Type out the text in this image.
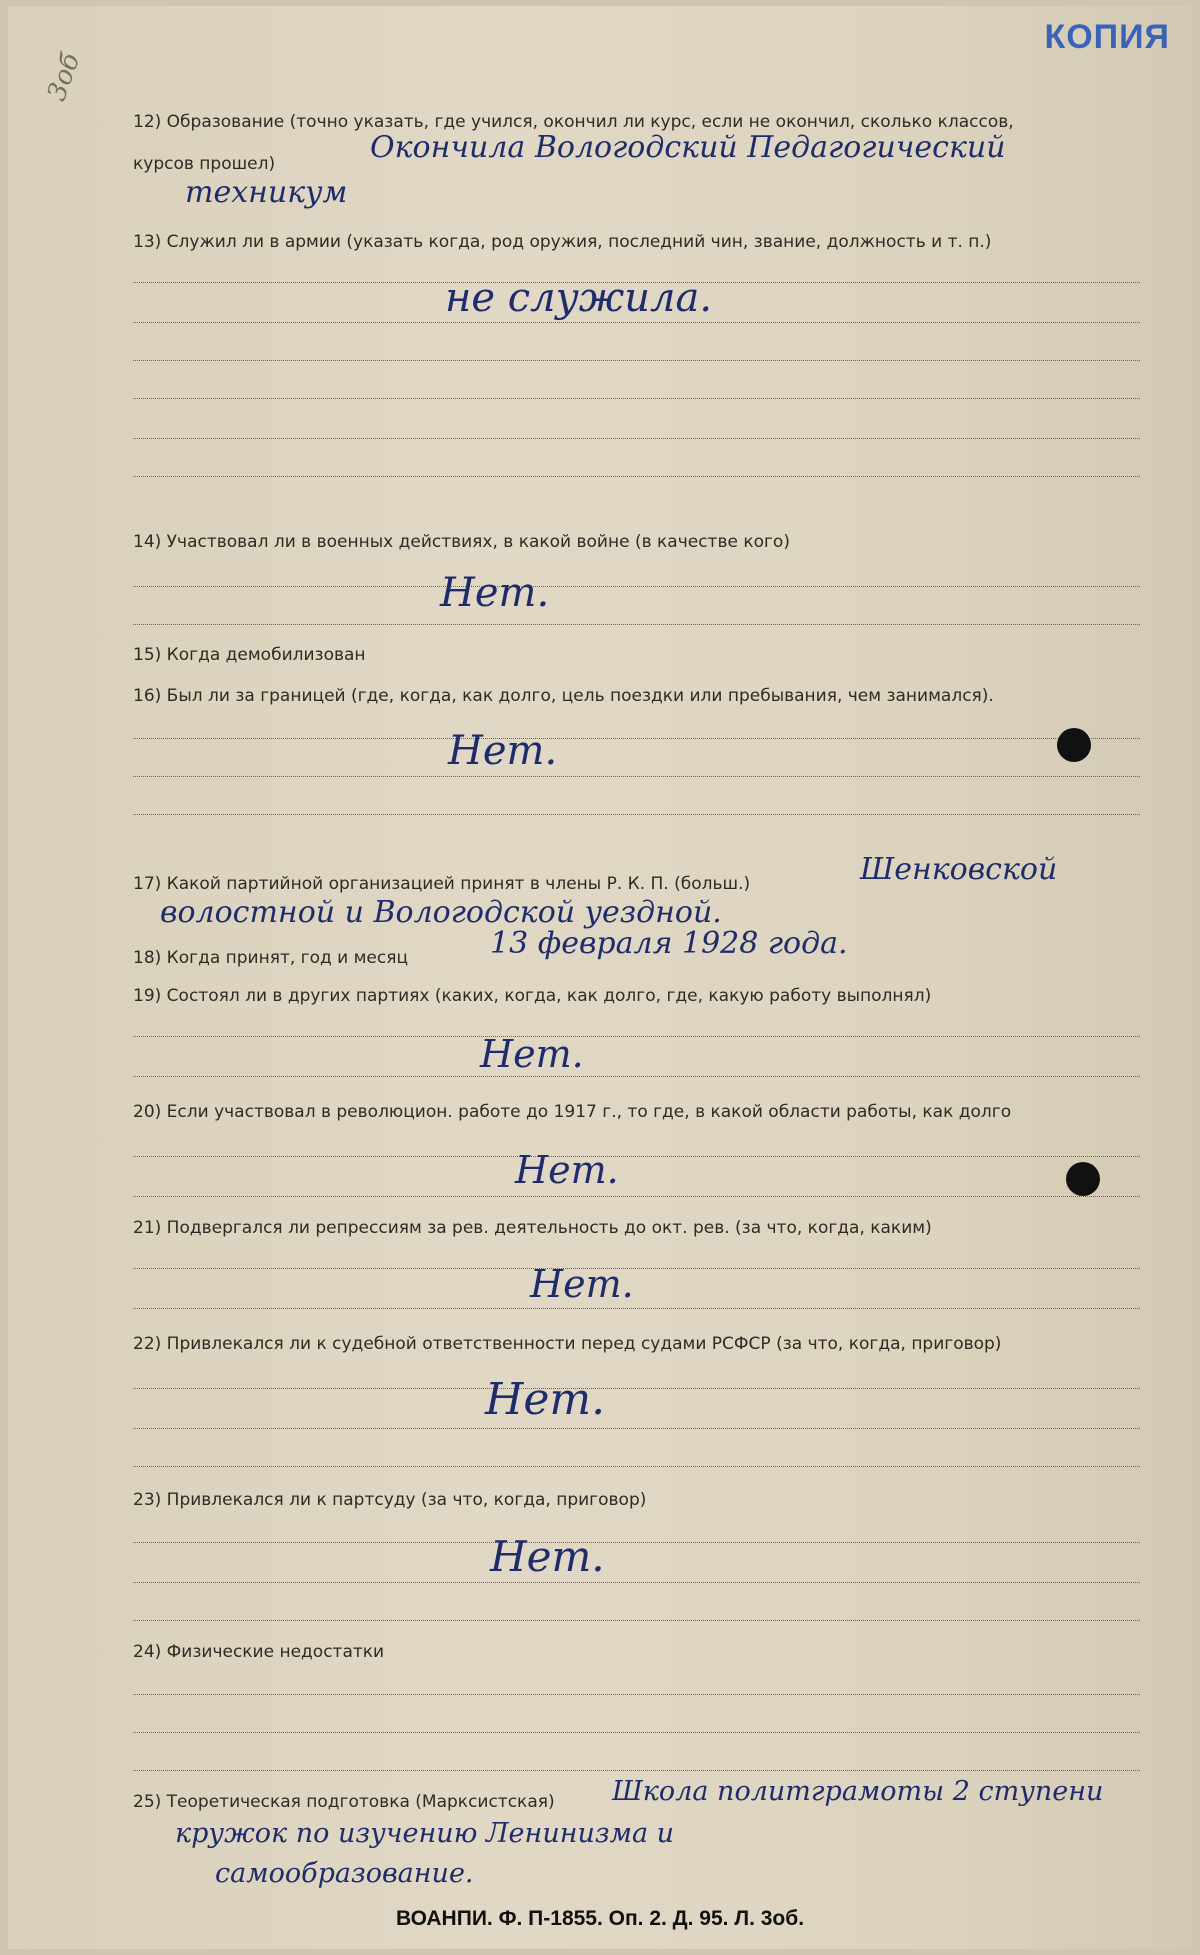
КОПИЯ
3об
12) Образование (точно указать, где учился, окончил ли курс, если не окончил, сколько классов,
курсов прошел)	Окончила Вологодский Педагогический
техникум
13) Служил ли в армии (указать когда, род оружия, последний чин, звание, должность и т. п.)
не служила.
14) Участвовал ли в военных действиях, в какой войне (в качестве кого)
Нет.
15) Когда демобилизован
16) Был ли за границей (где, когда, как долго, цель поездки или пребывания, чем занимался).
Нет.
17) Какой партийной организацией принят в члены Р. К. П. (больш.)	Шенковской
волостной и Вологодской уездной.
18) Когда принят, год и месяц	13 февраля 1928 года.
19) Состоял ли в других партиях (каких, когда, как долго, где, какую работу выполнял)
Нет.
20) Если участвовал в революцион. работе до 1917 г., то где, в какой области работы, как долго
Нет.
21) Подвергался ли репрессиям за рев. деятельность до окт. рев. (за что, когда, каким)
Нет.
22) Привлекался ли к судебной ответственности перед судами РСФСР (за что, когда, приговор)
Нет.
23) Привлекался ли к партсуду (за что, когда, приговор)
Нет.
24) Физические недостатки
25) Теоретическая подготовка (Марксистская) Школа политграмоты 2 ступени
кружок по изучению Ленинизма и
самообразование.
ВОАНПИ. Ф. П-1855. Оп. 2. Д. 95. Л. 3об.
